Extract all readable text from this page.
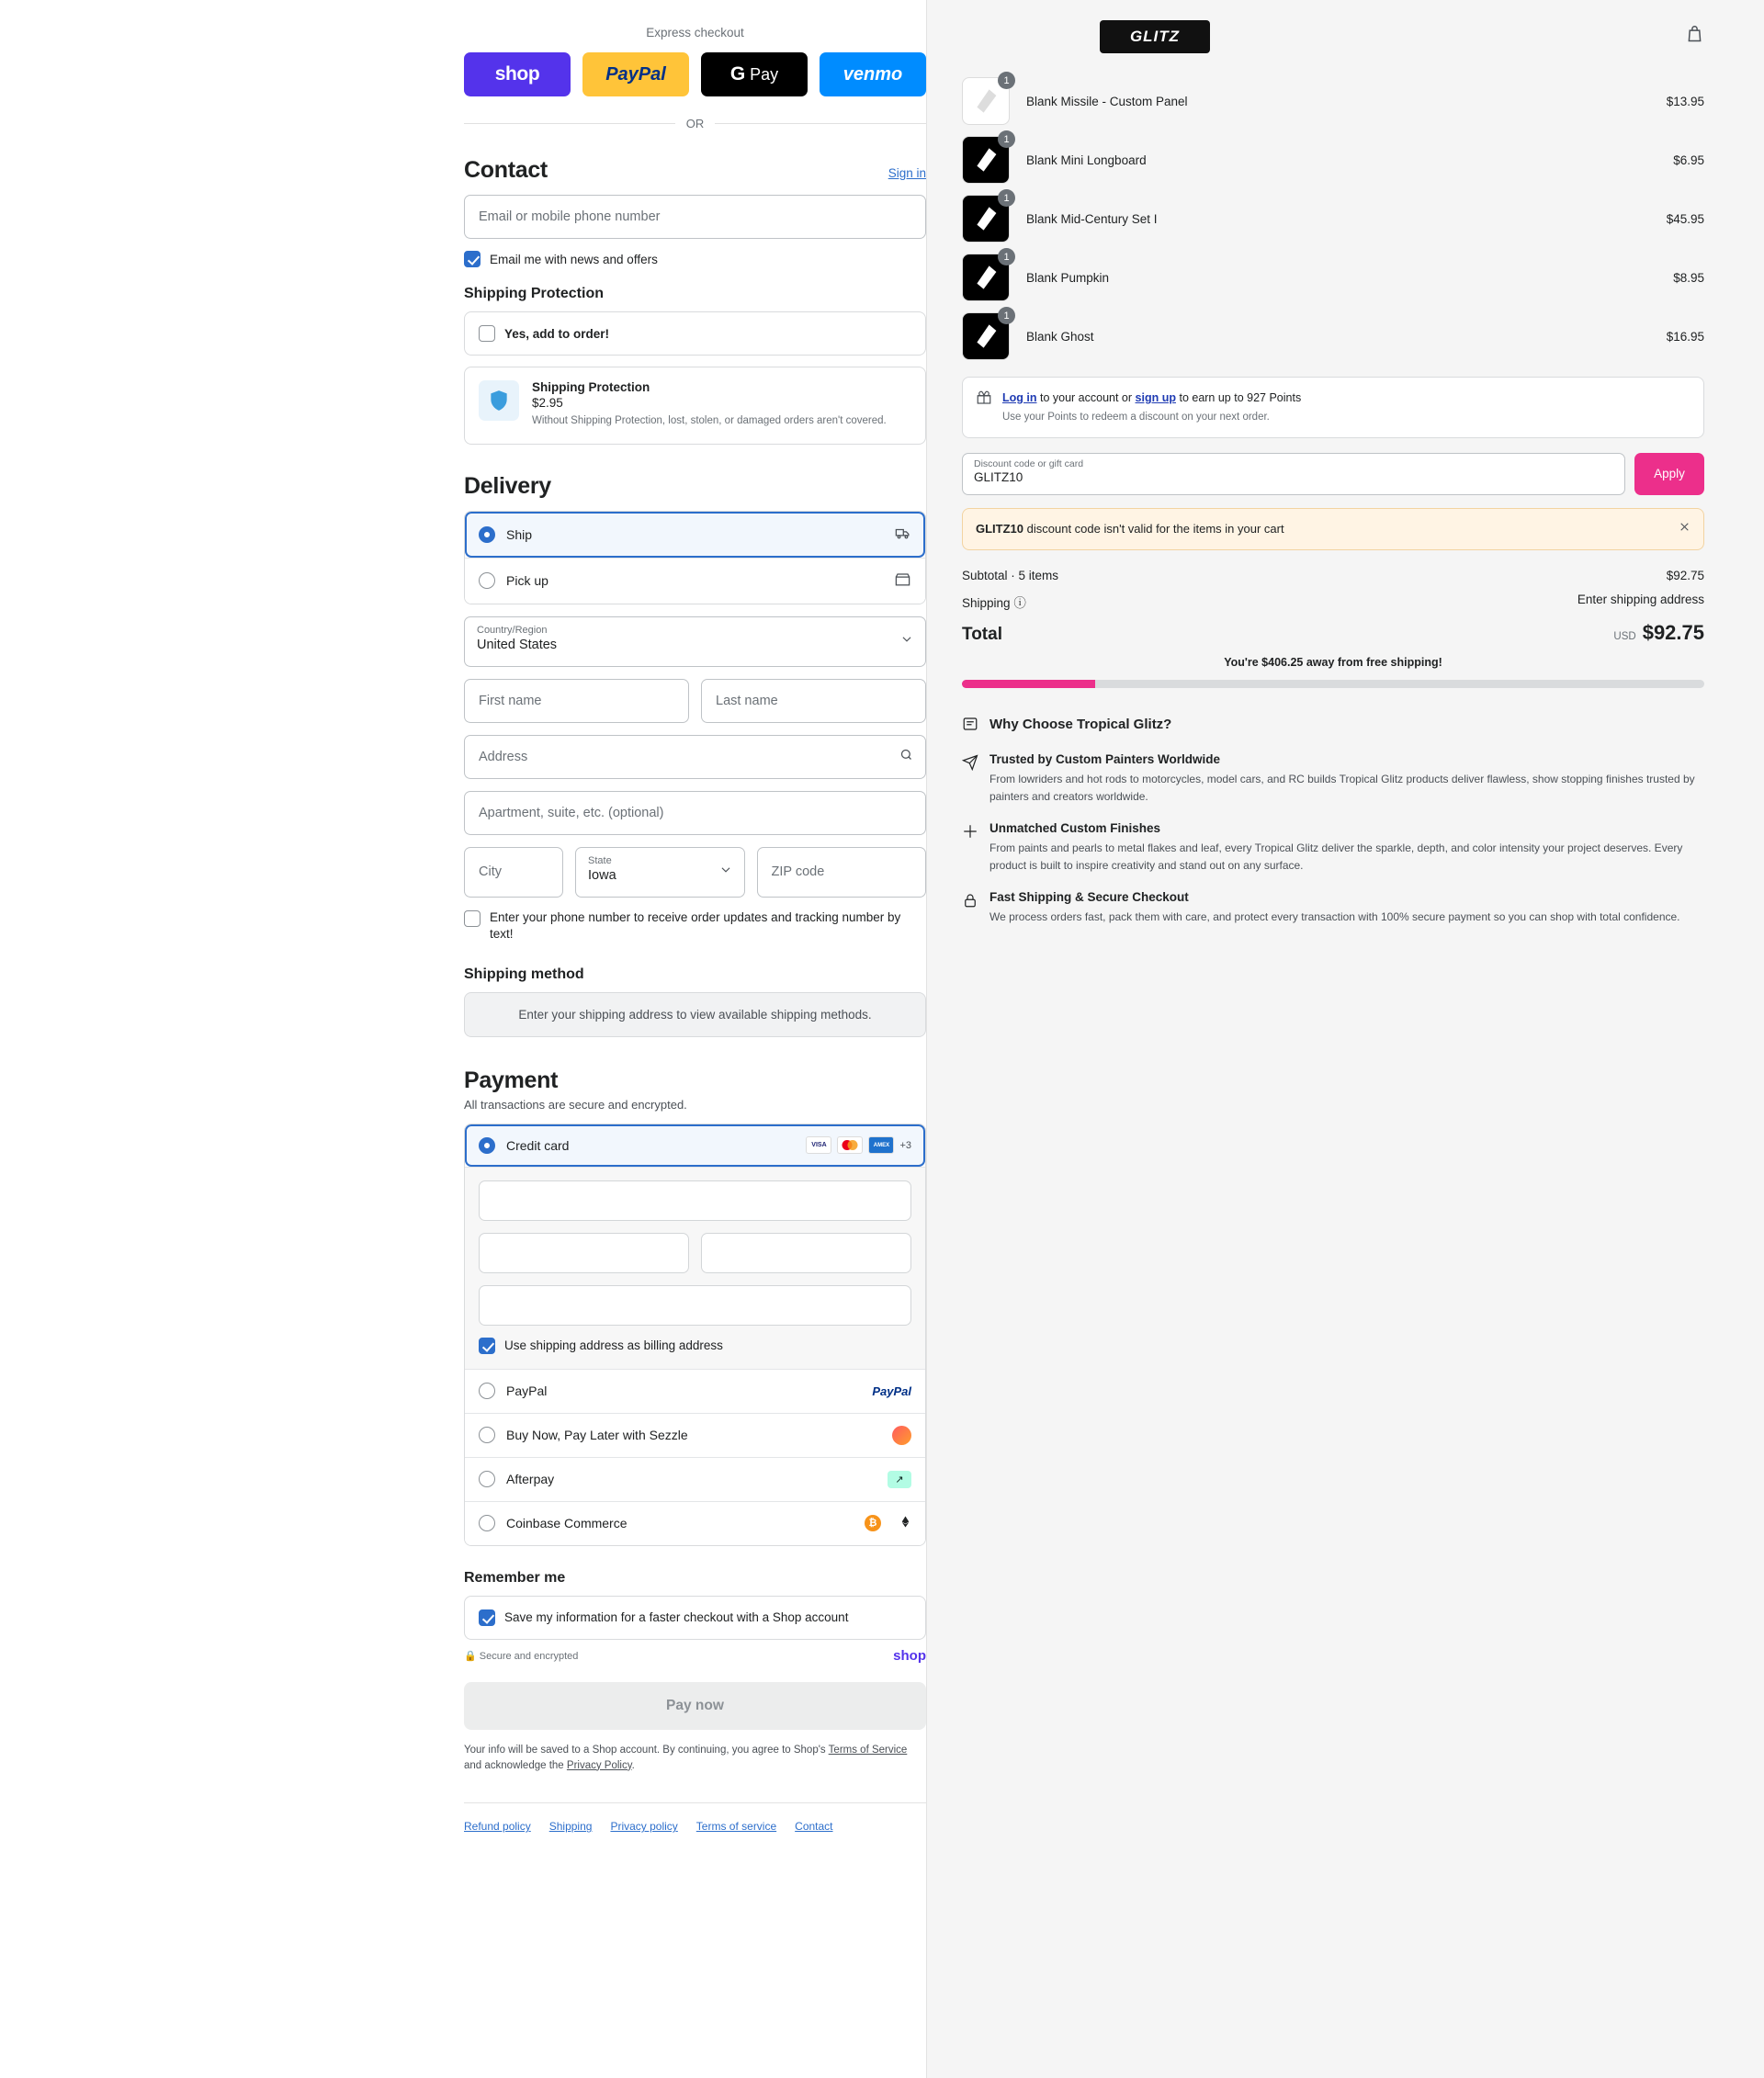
Express checkout
shop	PayPal	G Pay	venmo
OR
Contact	Sign in
Email or mobile phone number
Email me with news and offers
Shipping Protection
Yes, add to order!
Shipping Protection
$2.95
Without Shipping Protection, lost, stolen, or damaged orders aren't covered.
Delivery
Ship
Pick up
Country/Region
United States
First name
Last name
Address
Apartment, suite, etc. (optional)
City
State
Iowa
ZIP code
Enter your phone number to receive order updates and tracking number by text!
Shipping method
Enter your shipping address to view available shipping methods.
Payment
All transactions are secure and encrypted.
Credit card	VISA	AMEX	+3
Use shipping address as billing address
PayPal	PayPal
Buy Now, Pay Later with Sezzle
Afterpay	↗
Coinbase Commerce	₿
Remember me
Save my information for a faster checkout with a Shop account
🔒 Secure and encrypted	shop
Pay now
Your info will be saved to a Shop account. By continuing, you agree to Shop's Terms of Service and acknowledge the Privacy Policy.
Refund policy Shipping Privacy policy Terms of service Contact
GLITZ
1
Blank Missile - Custom Panel	$13.95
1
Blank Mini Longboard	$6.95
1
Blank Mid-Century Set I	$45.95
1
Blank Pumpkin	$8.95
1
Blank Ghost	$16.95
Log in to your account or sign up to earn up to 927 Points
Use your Points to redeem a discount on your next order.
Discount code or gift card
GLITZ10	Apply
GLITZ10 discount code isn't valid for the items in your cart
Subtotal · 5 items	$92.75
Shipping ⓘ	Enter shipping address
Total	USD $92.75
You're $406.25 away from free shipping!
Why Choose Tropical Glitz?
Trusted by Custom Painters Worldwide
From lowriders and hot rods to motorcycles, model cars, and RC builds Tropical Glitz products deliver flawless, show stopping finishes trusted by painters and creators worldwide.
Unmatched Custom Finishes
From paints and pearls to metal flakes and leaf, every Tropical Glitz deliver the sparkle, depth, and color intensity your project deserves. Every product is built to inspire creativity and stand out on any surface.
Fast Shipping & Secure Checkout
We process orders fast, pack them with care, and protect every transaction with 100% secure payment so you can shop with total confidence.
